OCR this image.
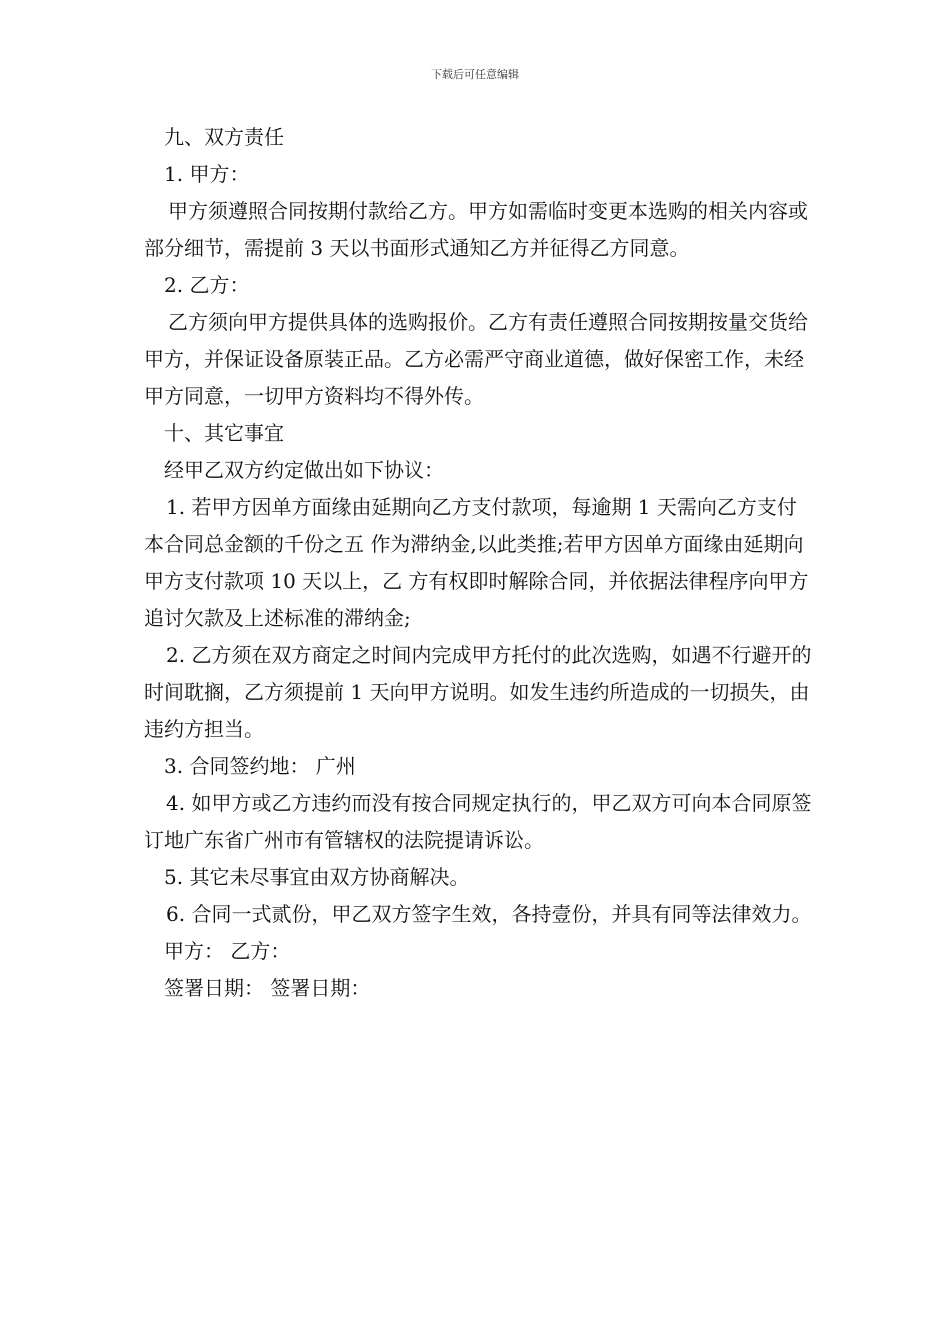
下载后可任意编辑

九、双方责任

1. 甲方：

甲方须遵照合同按期付款给乙方。甲方如需临时变更本选购的相关内容或部分细节，需提前 3 天以书面形式通知乙方并征得乙方同意。

2. 乙方：

乙方须向甲方提供具体的选购报价。乙方有责任遵照合同按期按量交货给甲方，并保证设备原装正品。乙方必需严守商业道德，做好保密工作，未经甲方同意，一切甲方资料均不得外传。

十、其它事宜

经甲乙双方约定做出如下协议：

1. 若甲方因单方面缘由延期向乙方支付款项，每逾期 1 天需向乙方支付本合同总金额的千份之五 作为滞纳金,以此类推;若甲方因单方面缘由延期向甲方支付款项 10 天以上，乙 方有权即时解除合同，并依据法律程序向甲方追讨欠款及上述标准的滞纳金;

2. 乙方须在双方商定之时间内完成甲方托付的此次选购，如遇不行避开的时间耽搁，乙方须提前 1 天向甲方说明。如发生违约所造成的一切损失，由违约方担当。

3. 合同签约地： 广州

4. 如甲方或乙方违约而没有按合同规定执行的，甲乙双方可向本合同原签订地广东省广州市有管辖权的法院提请诉讼。

5. 其它未尽事宜由双方协商解决。

6. 合同一式贰份，甲乙双方签字生效，各持壹份，并具有同等法律效力。

甲方： 乙方：

签署日期： 签署日期：
